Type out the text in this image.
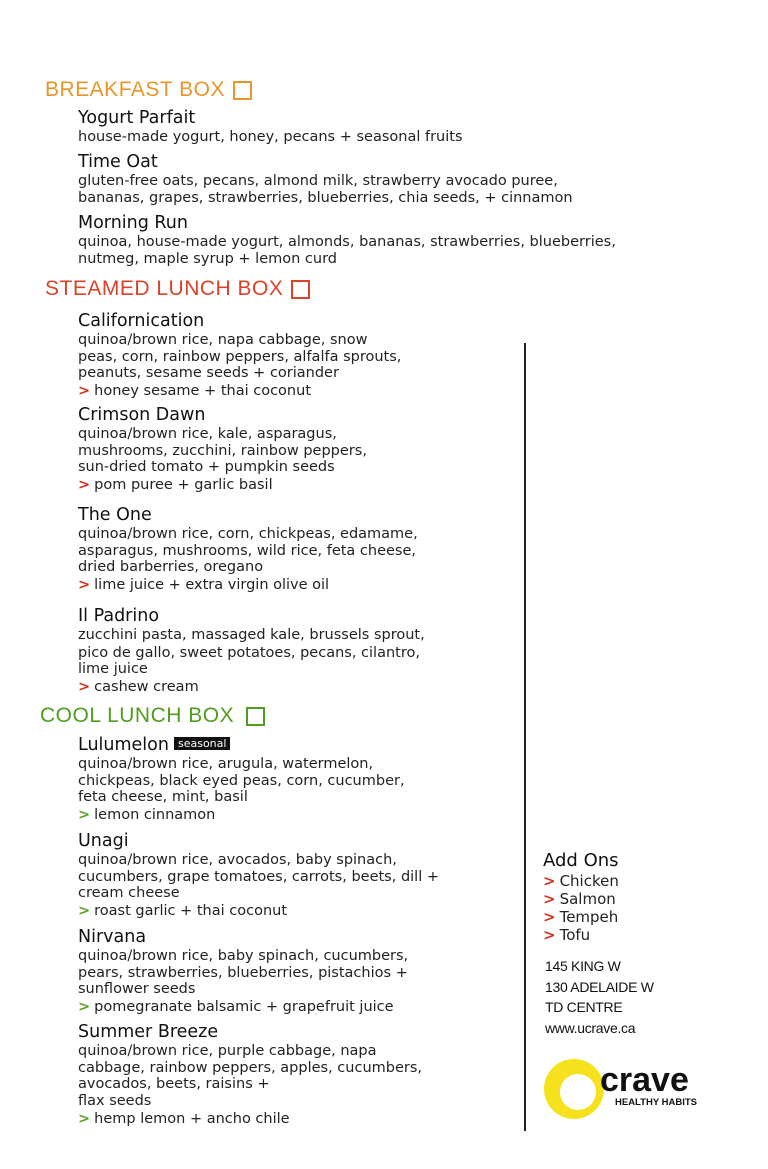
BREAKFAST BOX
Yogurt Parfait
house-made yogurt, honey, pecans + seasonal fruits
Time Oat
gluten-free oats, pecans, almond milk, strawberry avocado puree,
bananas, grapes, strawberries, blueberries, chia seeds, + cinnamon
Morning Run
quinoa, house-made yogurt, almonds, bananas, strawberries, blueberries,
nutmeg, maple syrup + lemon curd
STEAMED LUNCH BOX
Californication
quinoa/brown rice, napa cabbage, snow
peas, corn, rainbow peppers, alfalfa sprouts,
peanuts, sesame seeds + coriander
> honey sesame + thai coconut
Crimson Dawn
quinoa/brown rice, kale, asparagus,
mushrooms, zucchini, rainbow peppers,
sun-dried tomato + pumpkin seeds
> pom puree + garlic basil
The One
quinoa/brown rice, corn, chickpeas, edamame,
asparagus, mushrooms, wild rice, feta cheese,
dried barberries, oregano
> lime juice + extra virgin olive oil
Il Padrino
zucchini pasta, massaged kale, brussels sprout,
pico de gallo, sweet potatoes, pecans, cilantro,
lime juice
> cashew cream
COOL LUNCH BOX
Lulumelon seasonal
quinoa/brown rice, arugula, watermelon,
chickpeas, black eyed peas, corn, cucumber,
feta cheese, mint, basil
> lemon cinnamon
Unagi
quinoa/brown rice, avocados, baby spinach,
cucumbers, grape tomatoes, carrots, beets, dill +
cream cheese
> roast garlic + thai coconut
Nirvana
quinoa/brown rice, baby spinach, cucumbers,
pears, strawberries, blueberries, pistachios +
sunflower seeds
> pomegranate balsamic + grapefruit juice
Summer Breeze
quinoa/brown rice, purple cabbage, napa
cabbage, rainbow peppers, apples, cucumbers,
avocados, beets, raisins +
flax seeds
> hemp lemon + ancho chile
Add Ons
> Chicken
> Salmon
> Tempeh
> Tofu
145 KING W
130 ADELAIDE W
TD CENTRE
www.ucrave.ca
crave
HEALTHY HABITS
